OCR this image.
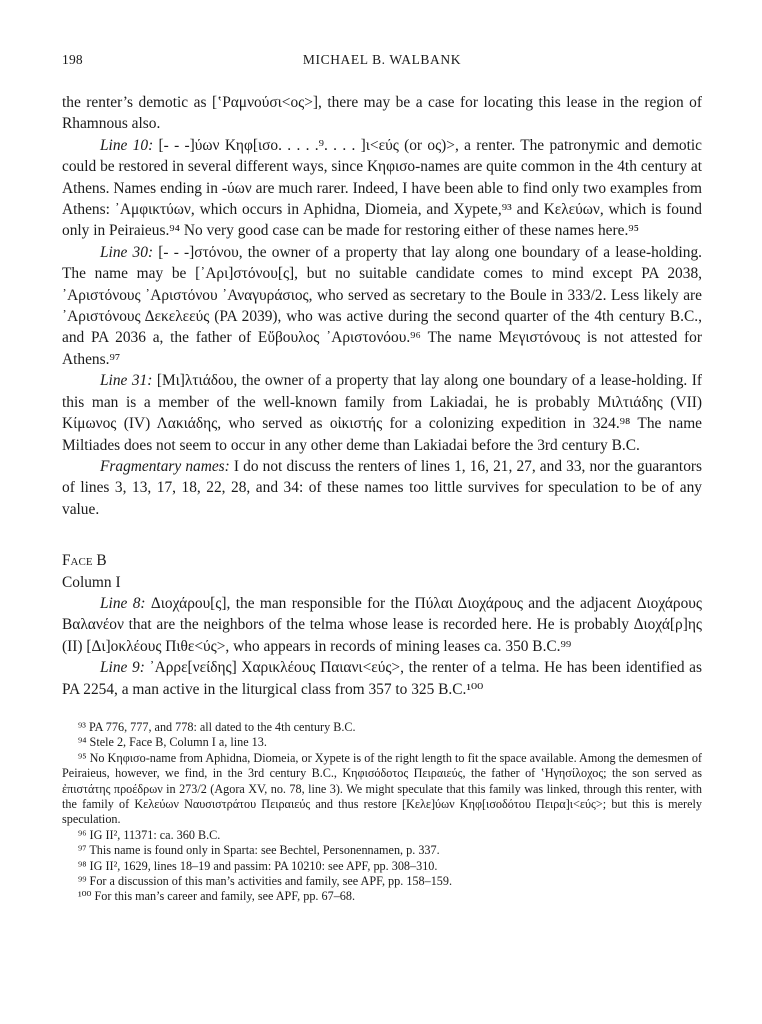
198	MICHAEL B. WALBANK

the renter’s demotic as [ʽΡαμνούσι<ος>], there may be a case for locating this lease in the region of Rhamnous also.

Line 10: [- - -]ύων Κηφ[ισο. . . . .⁹. . . . ]ι<εύς (or ος)>, a renter. The patronymic and demotic could be restored in several different ways, since Κηφισο-names are quite common in the 4th century at Athens. Names ending in -ύων are much rarer. Indeed, I have been able to find only two examples from Athens: ᾿Αμφικτύων, which occurs in Aphidna, Diomeia, and Xypete,⁹³ and Κελεύων, which is found only in Peiraieus.⁹⁴ No very good case can be made for restoring either of these names here.⁹⁵

Line 30: [- - -]στόνου, the owner of a property that lay along one boundary of a lease-holding. The name may be [᾿Αρι]στόνου[ς], but no suitable candidate comes to mind except PA 2038, ᾿Αριστόνους ᾿Αριστόνου ᾿Αναγυράσιος, who served as secretary to the Boule in 333/2. Less likely are ᾿Αριστόνους Δεκελεεύς (PA 2039), who was active during the second quarter of the 4th century B.C., and PA 2036 a, the father of Εὔβουλος ᾿Αριστονόου.⁹⁶ The name Μεγιστόνους is not attested for Athens.⁹⁷

Line 31: [Μι]λτιάδου, the owner of a property that lay along one boundary of a lease-holding. If this man is a member of the well-known family from Lakiadai, he is probably Μιλτιάδης (VII) Κίμωνος (IV) Λακιάδης, who served as οἰκιστής for a colonizing expedition in 324.⁹⁸ The name Miltiades does not seem to occur in any other deme than Lakiadai before the 3rd century B.C.

Fragmentary names: I do not discuss the renters of lines 1, 16, 21, 27, and 33, nor the guarantors of lines 3, 13, 17, 18, 22, 28, and 34: of these names too little survives for speculation to be of any value.

Face B

Column I

Line 8: Διοχάρου[ς], the man responsible for the Πύλαι Διοχάρους and the adjacent Διοχάρους Βαλανέον that are the neighbors of the telma whose lease is recorded here. He is probably Διοχά[ρ]ης (II) [Δι]οκλέους Πιθε<ύς>, who appears in records of mining leases ca. 350 B.C.⁹⁹

Line 9: ᾿Αρρε[νείδης] Χαρικλέους Παιανι<εύς>, the renter of a telma. He has been identified as PA 2254, a man active in the liturgical class from 357 to 325 B.C.¹⁰⁰

⁹³ PA 776, 777, and 778: all dated to the 4th century B.C.

⁹⁴ Stele 2, Face B, Column I a, line 13.

⁹⁵ No Κηφισο-name from Aphidna, Diomeia, or Xypete is of the right length to fit the space available. Among the demesmen of Peiraieus, however, we find, in the 3rd century B.C., Κηφισόδοτος Πειραιεύς, the father of ʽΗγησίλοχος; the son served as ἐπιστάτης προέδρων in 273/2 (Agora XV, no. 78, line 3). We might speculate that this family was linked, through this renter, with the family of Κελεύων Ναυσιστράτου Πειραιεύς and thus restore [Κελε]ύων Κηφ[ισοδότου Πειρα]ι<εύς>; but this is merely speculation.

⁹⁶ IG II², 11371: ca. 360 B.C.

⁹⁷ This name is found only in Sparta: see Bechtel, Personennamen, p. 337.

⁹⁸ IG II², 1629, lines 18–19 and passim: PA 10210: see APF, pp. 308–310.

⁹⁹ For a discussion of this man’s activities and family, see APF, pp. 158–159.

¹⁰⁰ For this man’s career and family, see APF, pp. 67–68.
